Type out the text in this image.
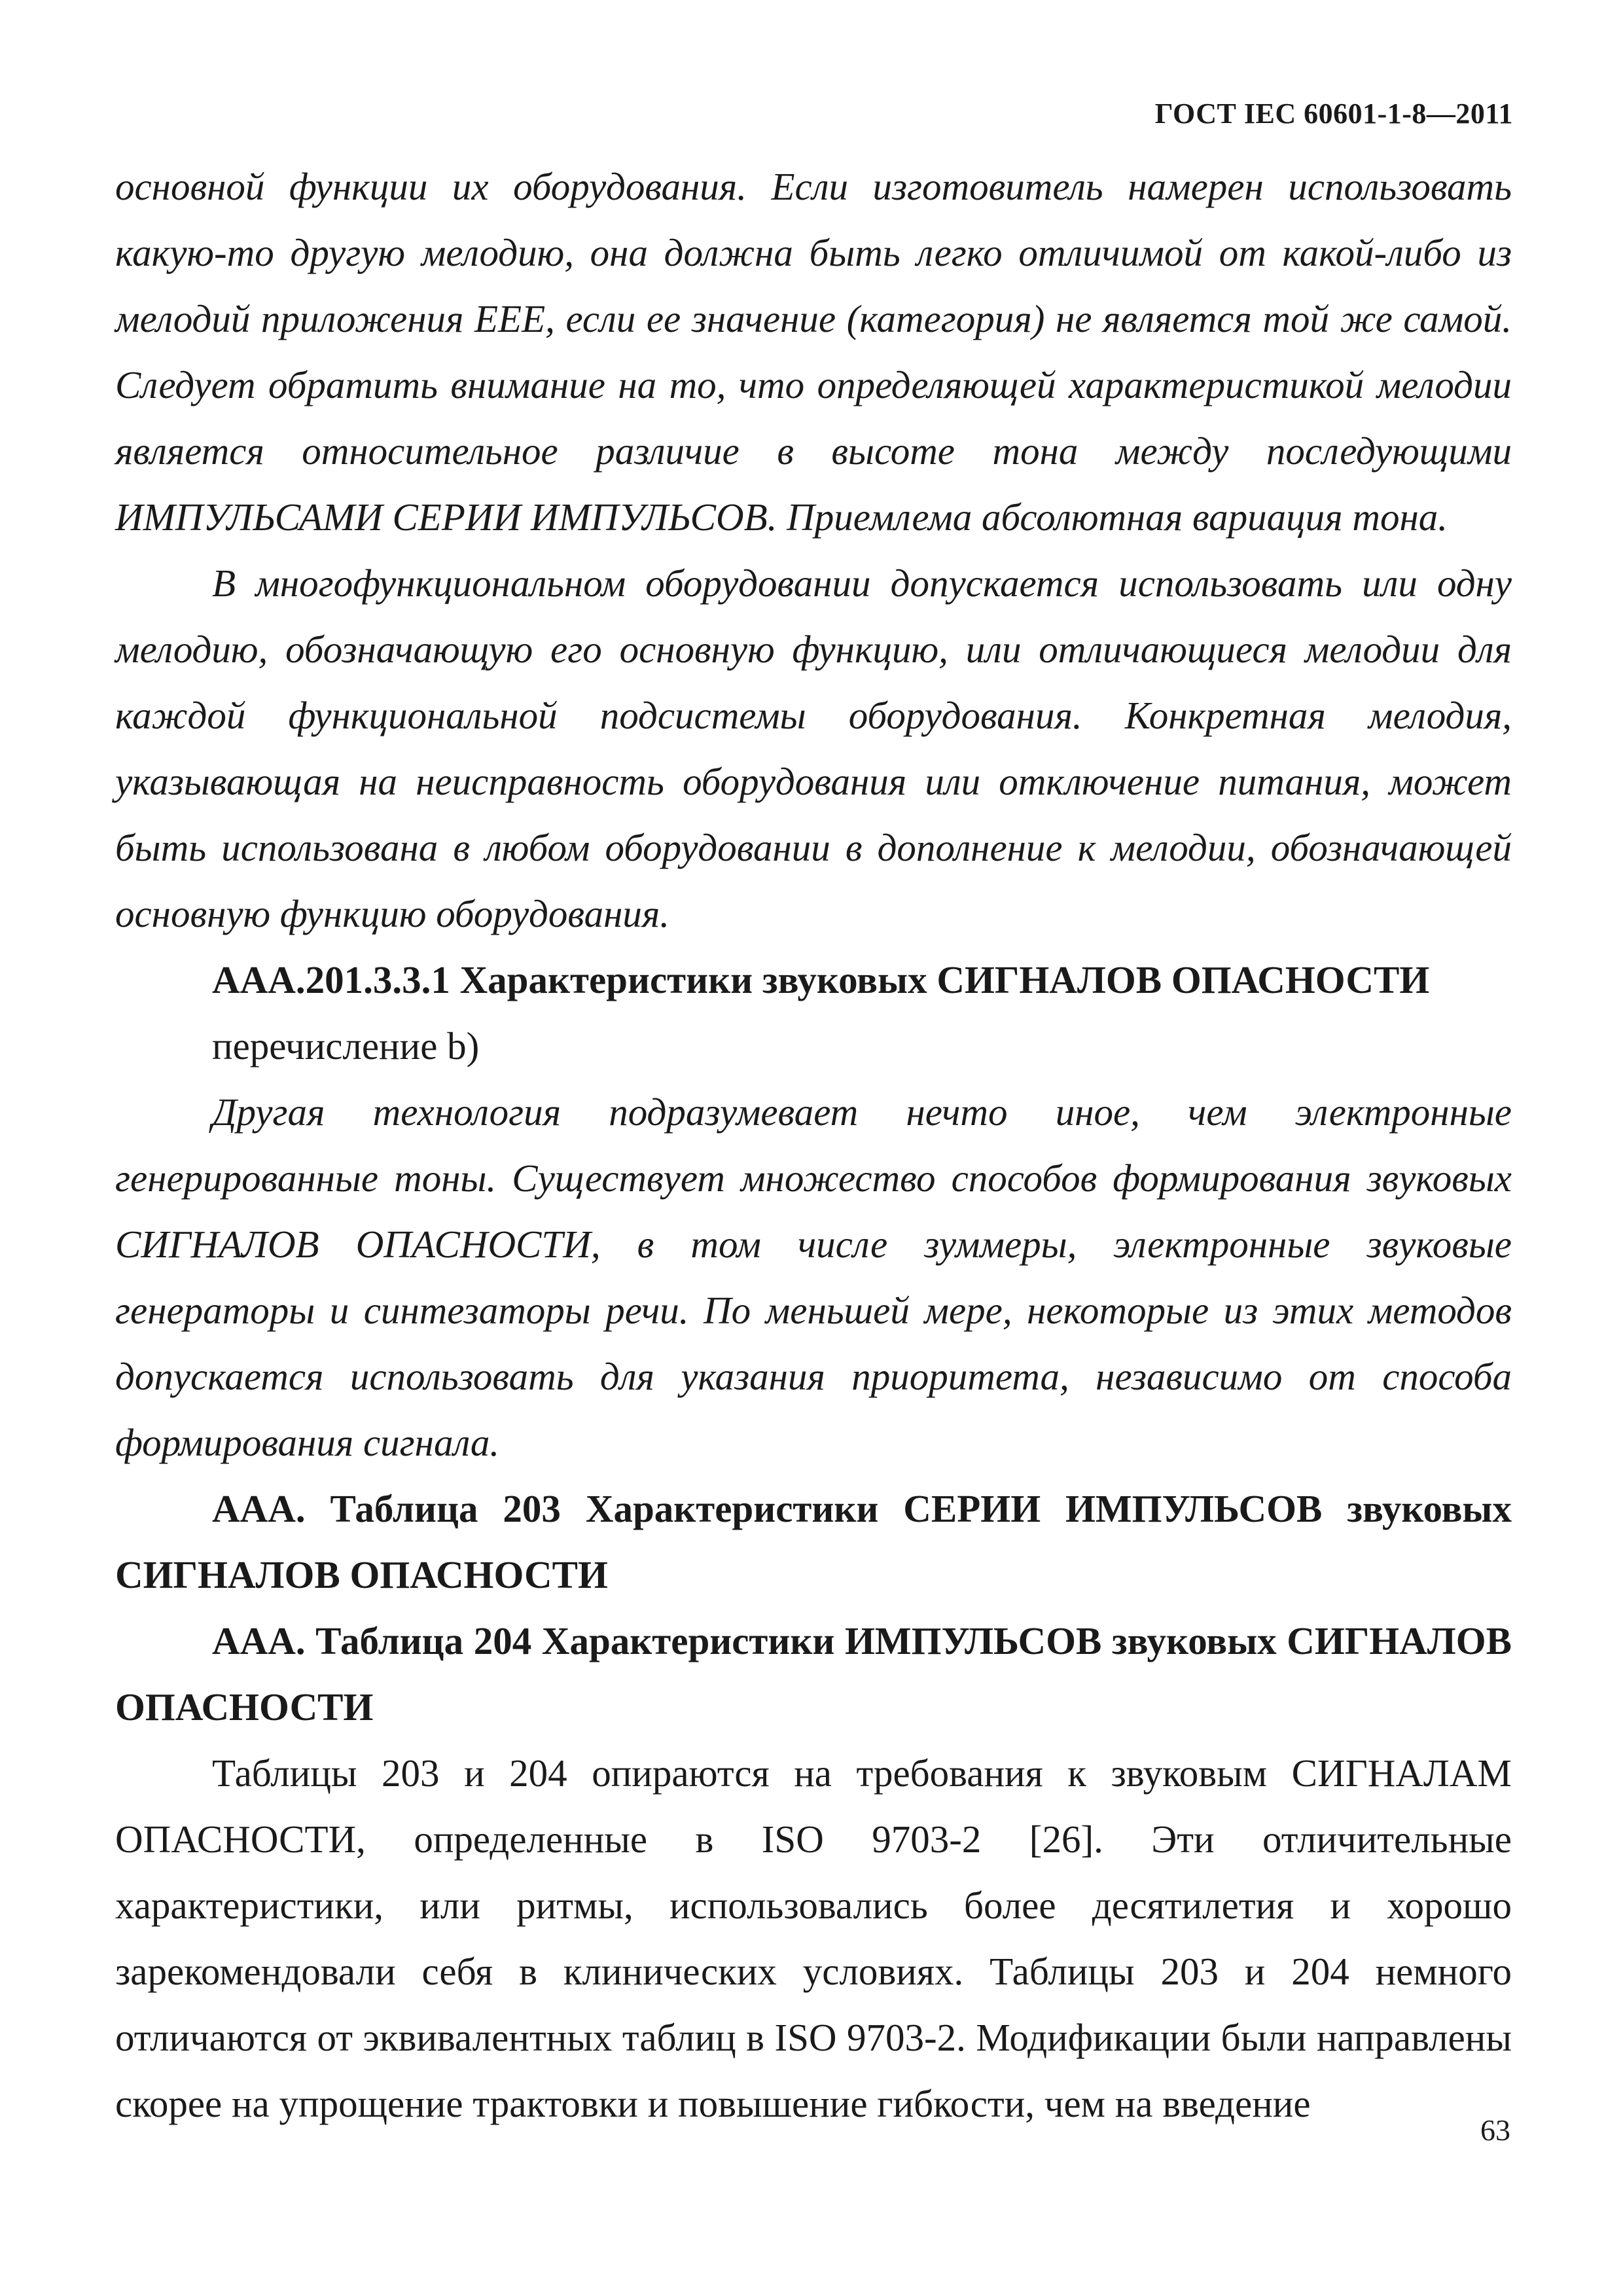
ГОСТ IEC 60601-1-8—2011

основной функции их оборудования. Если изготовитель намерен использовать какую-то другую мелодию, она должна быть легко отличимой от какой-либо из мелодий приложения ЕЕЕ, если ее значение (категория) не является той же самой. Следует обратить внимание на то, что определяющей характеристикой мелодии является относительное различие в высоте тона между последующими ИМПУЛЬСАМИ СЕРИИ ИМПУЛЬСОВ. Приемлема абсолютная вариация тона.

В многофункциональном оборудовании допускается использовать или одну мелодию, обозначающую его основную функцию, или отличающиеся мелодии для каждой функциональной подсистемы оборудования. Конкретная мелодия, указывающая на неисправность оборудования или отключение питания, может быть использована в любом оборудовании в дополнение к мелодии, обозначающей основную функцию оборудования.

ААА.201.3.3.1 Характеристики звуковых СИГНАЛОВ ОПАСНОСТИ

перечисление b)

Другая технология подразумевает нечто иное, чем электронные генерированные тоны. Существует множество способов формирования звуковых СИГНАЛОВ ОПАСНОСТИ, в том числе зуммеры, электронные звуковые генераторы и синтезаторы речи. По меньшей мере, некоторые из этих методов допускается использовать для указания приоритета, независимо от способа формирования сигнала.

ААА. Таблица 203 Характеристики СЕРИИ ИМПУЛЬСОВ звуковых СИГНАЛОВ ОПАСНОСТИ

ААА. Таблица 204 Характеристики ИМПУЛЬСОВ звуковых СИГНАЛОВ ОПАСНОСТИ

Таблицы 203 и 204 опираются на требования к звуковым СИГНАЛАМ ОПАСНОСТИ, определенные в ISO 9703-2 [26]. Эти отличительные характеристики, или ритмы, использовались более десятилетия и хорошо зарекомендовали себя в клинических условиях. Таблицы 203 и 204 немного отличаются от эквивалентных таблиц в ISO 9703-2. Модификации были направлены скорее на упрощение трактовки и повышение гибкости, чем на введение

63
